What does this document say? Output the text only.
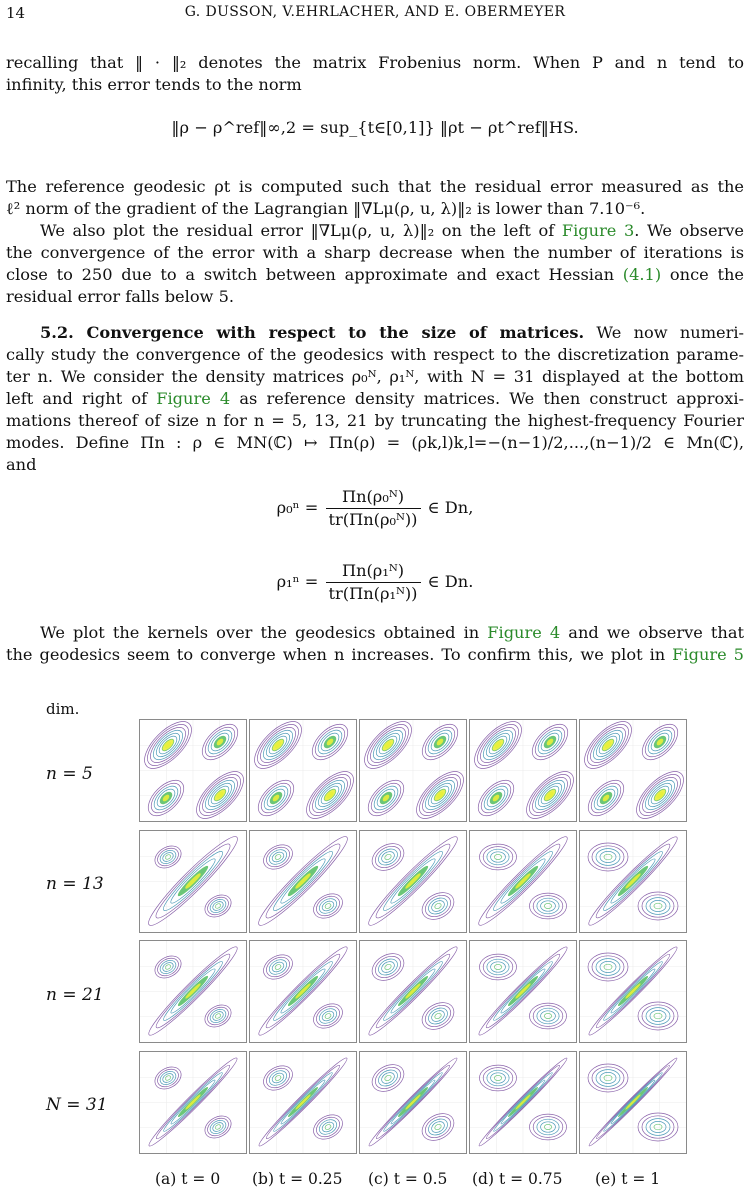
14	G. DUSSON, V.EHRLACHER, AND E. OBERMEYER
recalling that ‖ · ‖₂ denotes the matrix Frobenius norm. When P and n tend to
infinity, this error tends to the norm
‖ρ − ρ^ref‖∞,2 = sup_{t∈[0,1]} ‖ρt − ρt^ref‖HS.
The reference geodesic ρt is computed such that the residual error measured as the
ℓ² norm of the gradient of the Lagrangian ‖∇Lμ(ρ, u, λ)‖₂ is lower than 7.10⁻⁶.
We also plot the residual error ‖∇Lμ(ρ, u, λ)‖₂ on the left of Figure 3. We observe
the convergence of the error with a sharp decrease when the number of iterations is
close to 250 due to a switch between approximate and exact Hessian (4.1) once the
residual error falls below 5.
5.2. Convergence with respect to the size of matrices. We now numeri-
cally study the convergence of the geodesics with respect to the discretization parame-
ter n. We consider the density matrices ρ₀ᴺ, ρ₁ᴺ, with N = 31 displayed at the bottom
left and right of Figure 4 as reference density matrices. We then construct approxi-
mations thereof of size n for n = 5, 13, 21 by truncating the highest-frequency Fourier
modes. Define Πn : ρ ∈ MN(ℂ) ↦ Πn(ρ) = (ρk,l)k,l=−(n−1)/2,...,(n−1)/2 ∈ Mn(ℂ),
and
$\rho_0^n = \frac{\text{Πn(ρ₀ᴺ)}}{\text{tr(Πn(ρ₀ᴺ))}}$ ∈ Dn,
$\rho_1^n = \frac{\text{Πn(ρ₁ᴺ)}}{\text{tr(Πn(ρ₁ᴺ))}}$ ∈ Dn.
We plot the kernels over the geodesics obtained in Figure 4 and we observe that
the geodesics seem to converge when n increases. To confirm this, we plot in Figure 5
dim.
n = 5
n = 13
n = 21
N = 31
(a) t = 0 (b) t = 0.25 (c) t = 0.5 (d) t = 0.75 (e) t = 1
